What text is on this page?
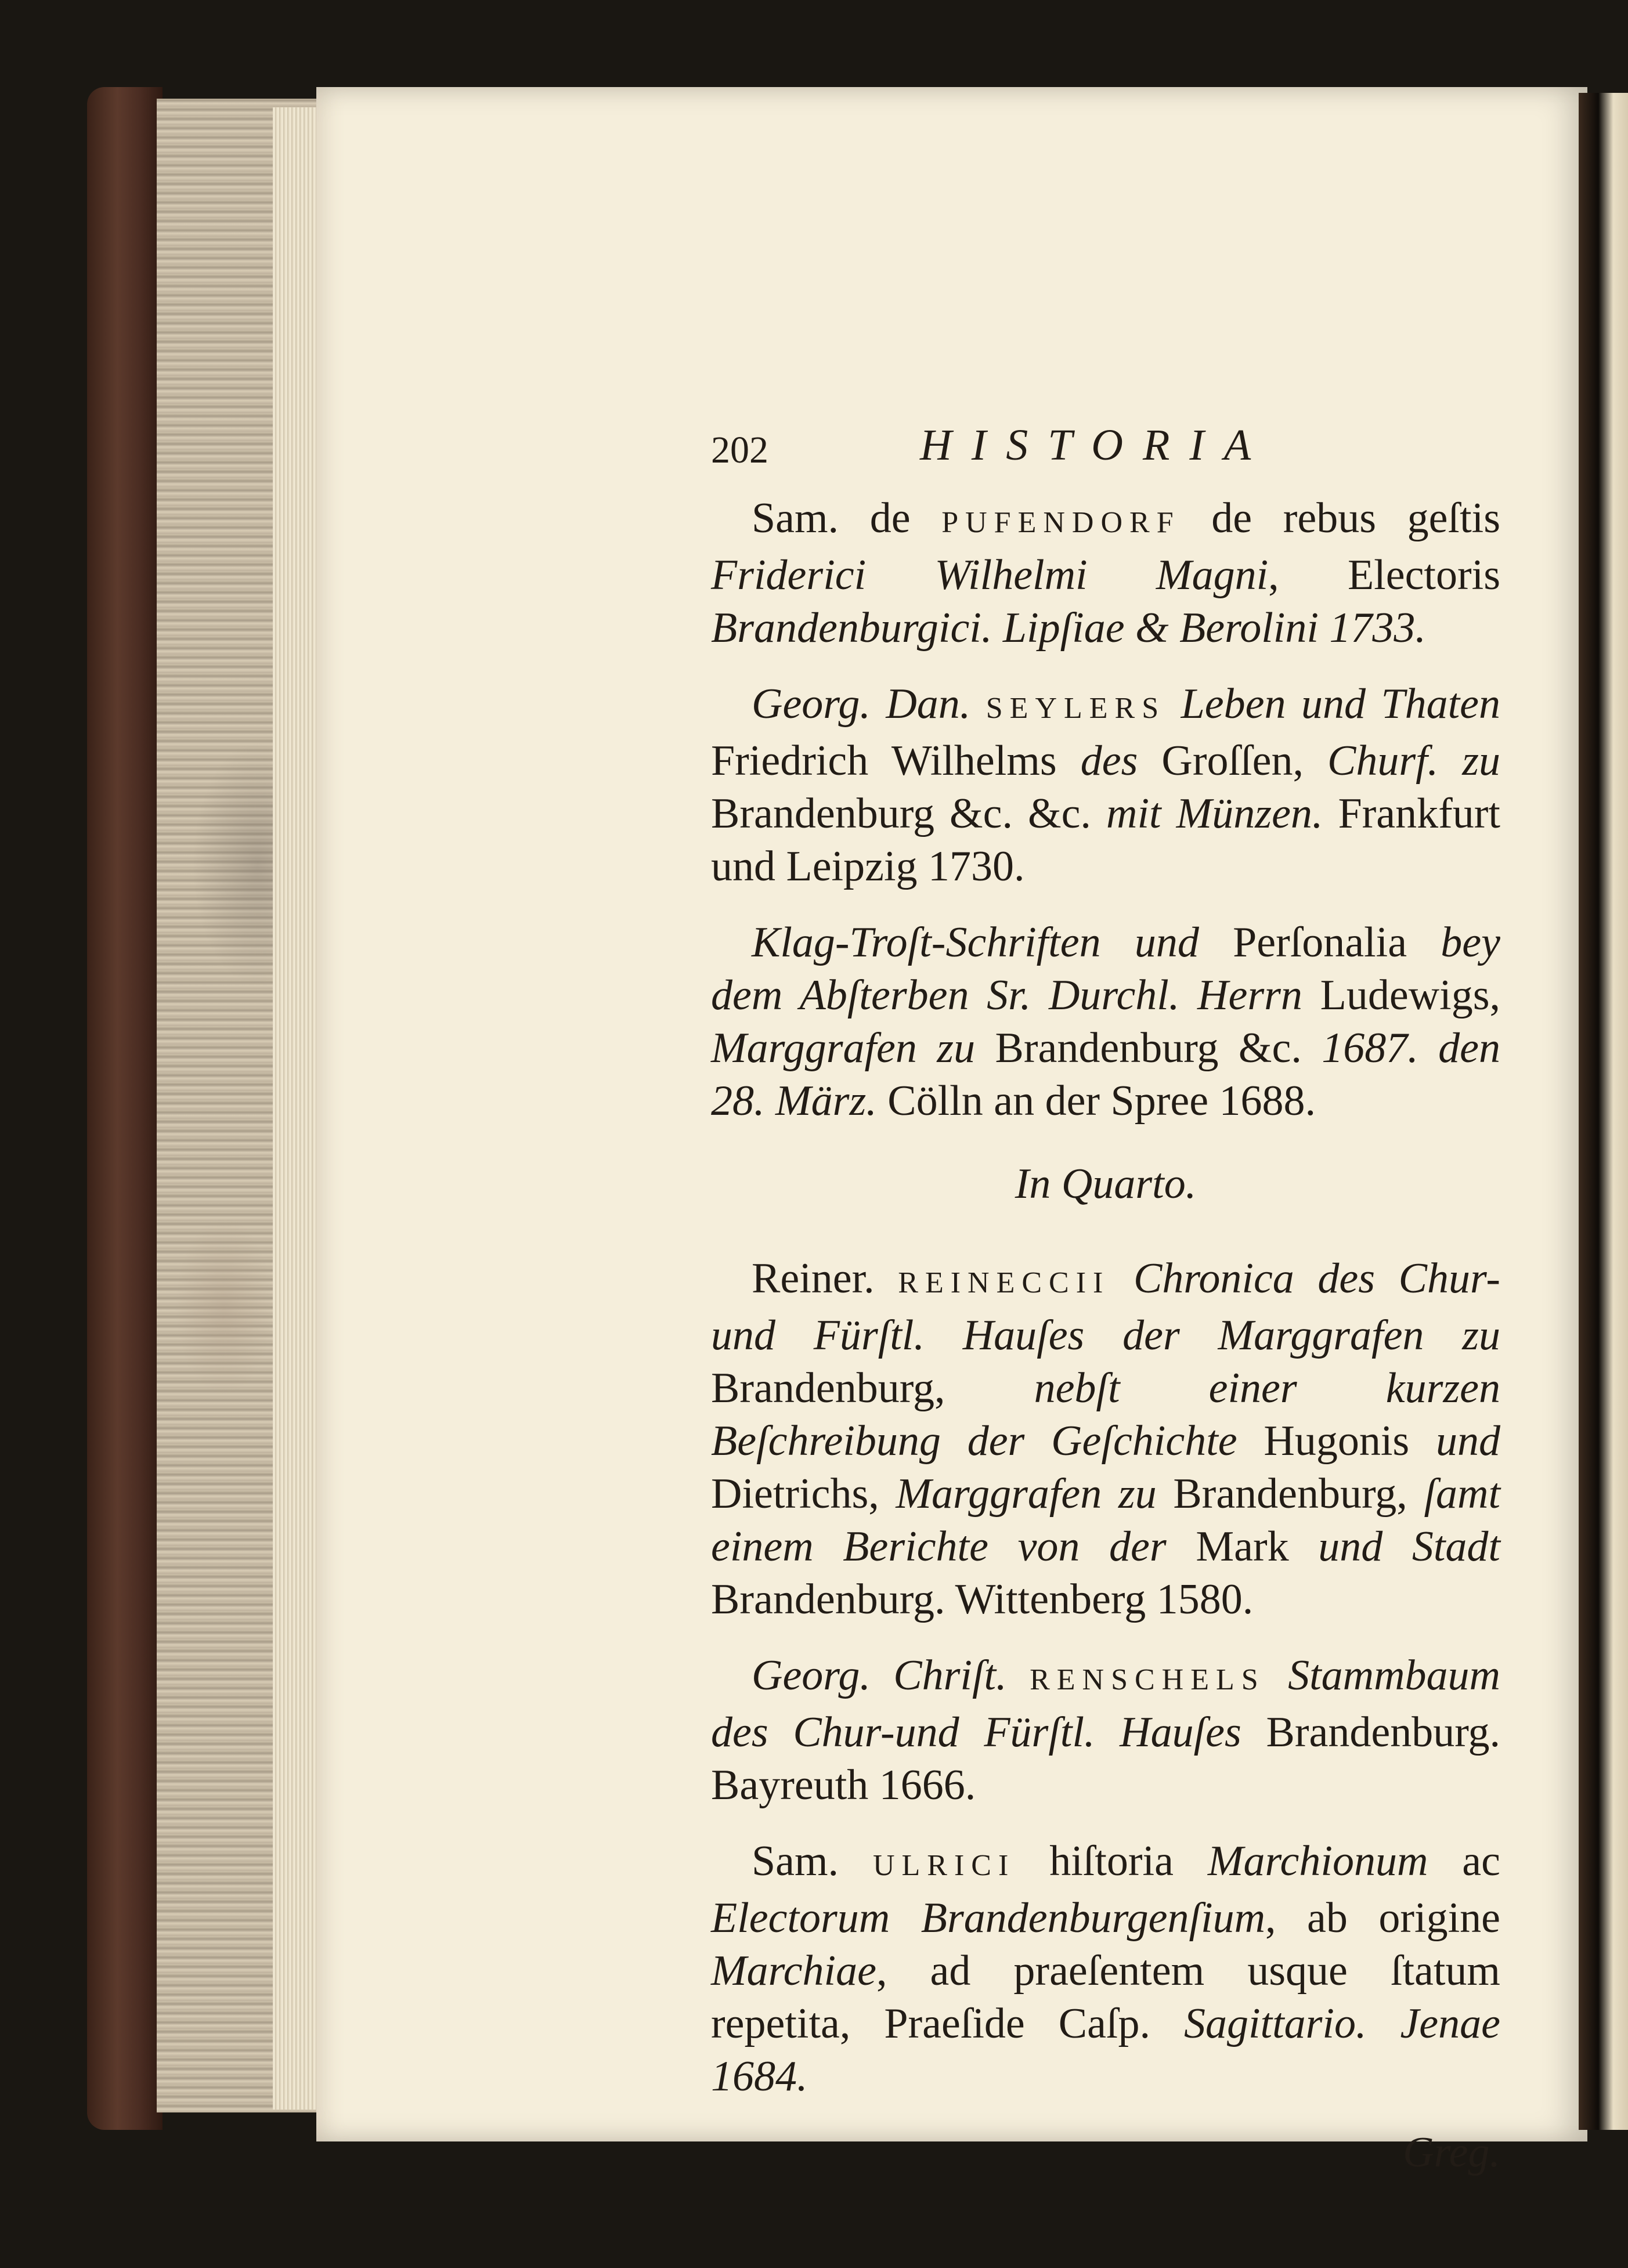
202	HISTORIA

Sam. de PUFENDORF de rebus geſtis Friderici Wilhelmi Magni, Electoris Brandenburgici. Lipſiae & Berolini 1733.

Georg. Dan. SEYLERS Leben und Thaten Friedrich Wilhelms des Groſſen, Churf. zu Brandenburg &c. &c. mit Münzen. Frankfurt und Leipzig 1730.

Klag-Troſt-Schriften und Perſonalia bey dem Abſterben Sr. Durchl. Herrn Ludewigs, Marggrafen zu Brandenburg &c. 1687. den 28. März. Cölln an der Spree 1688.

In Quarto.

Reiner. REINECCII Chronica des Chur-und Fürſtl. Hauſes der Marggrafen zu Brandenburg, nebſt einer kurzen Beſchreibung der Geſchichte Hugonis und Dietrichs, Marggrafen zu Brandenburg, ſamt einem Berichte von der Mark und Stadt Brandenburg. Wittenberg 1580.

Georg. Chriſt. RENSCHELS Stammbaum des Chur-und Fürſtl. Hauſes Brandenburg. Bayreuth 1666.

Sam. ULRICI hiſtoria Marchionum ac Electorum Brandenburgenſium, ab origine Marchiae, ad praeſentem usque ſtatum repetita, Praeſide Caſp. Sagittario. Jenae 1684.

Greg.
